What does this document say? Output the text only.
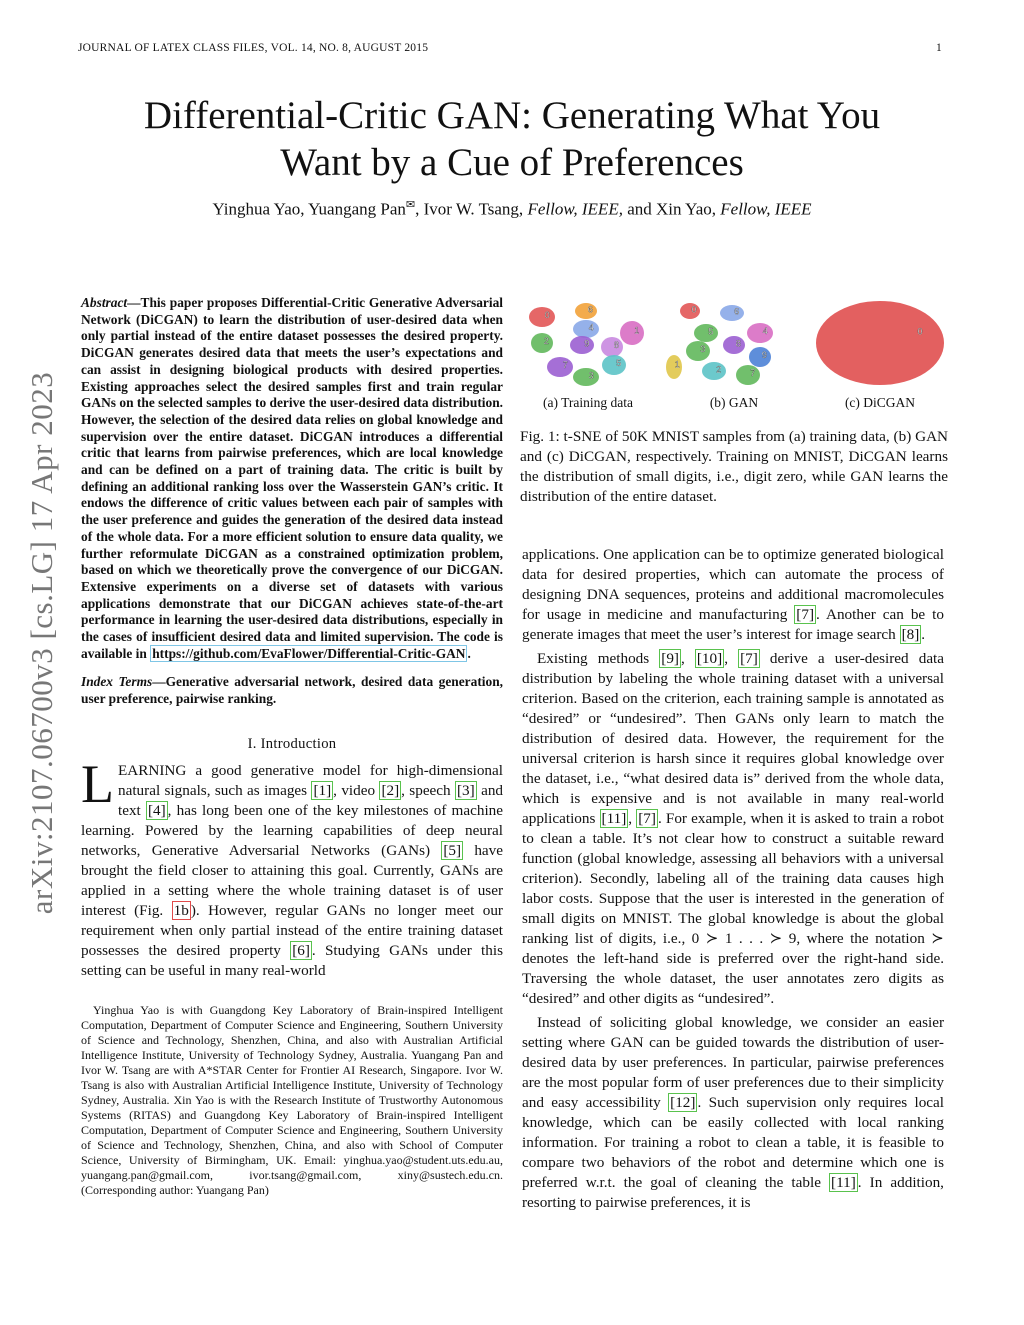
JOURNAL OF LATEX CLASS FILES, VOL. 14, NO. 8, AUGUST 2015	1
Differential-Critic GAN: Generating What You
Want by a Cue of Preferences
Yinghua Yao, Yuangang Pan✉, Ivor W. Tsang, Fellow, IEEE, and Xin Yao, Fellow, IEEE
arXiv:2107.06700v3 [cs.LG] 17 Apr 2023

Abstract—This paper proposes Differential-Critic Generative Adversarial Network (DiCGAN) to learn the distribution of user-desired data when only partial instead of the entire dataset possesses the desired property. DiCGAN generates desired data that meets the user’s expectations and can assist in designing biological products with desired properties. Existing approaches select the desired samples first and train regular GANs on the selected samples to derive the user-desired data distribution. However, the selection of the desired data relies on global knowledge and supervision over the entire dataset. DiCGAN introduces a differential critic that learns from pairwise preferences, which are local knowledge and can be defined on a part of training data. The critic is built by defining an additional ranking loss over the Wasserstein GAN’s critic. It endows the difference of critic values between each pair of samples with the user preference and guides the generation of the desired data instead of the whole data. For a more efficient solution to ensure data quality, we further reformulate DiCGAN as a constrained optimization problem, based on which we theoretically prove the convergence of our DiCGAN. Extensive experiments on a diverse set of datasets with various applications demonstrate that our DiCGAN achieves state-of-the-art performance in learning the user-desired data distributions, especially in the cases of insufficient desired data and limited supervision. The code is available in https://github.com/EvaFlower/Differential-Critic-GAN .

Index Terms—Generative adversarial network, desired data generation, user preference, pairwise ranking.

I. Introduction

LEARNING a good generative model for high-dimensional natural signals, such as images [1] , video [2] , speech [3] and text [4] , has long been one of the key milestones of machine learning. Powered by the learning capabilities of deep neural networks, Generative Adversarial Networks (GANs) [5] have brought the field closer to attaining this goal. Currently, GANs are applied in a setting where the whole training dataset is of user interest (Fig. 1b ). However, regular GANs no longer meet our requirement when only partial instead of the entire training dataset possesses the desired property [6] . Studying GANs under this setting can be useful in many real-world

Yinghua Yao is with Guangdong Key Laboratory of Brain-inspired Intelligent Computation, Department of Computer Science and Engineering, Southern University of Science and Technology, Shenzhen, China, and also with Australian Artificial Intelligence Institute, University of Technology Sydney, Australia. Yuangang Pan and Ivor W. Tsang are with A*STAR Center for Frontier AI Research, Singapore. Ivor W. Tsang is also with Australian Artificial Intelligence Institute, University of Technology Sydney, Australia. Xin Yao is with the Research Institute of Trustworthy Autonomous Systems (RITAS) and Guangdong Key Laboratory of Brain-inspired Intelligent Computation, Department of Computer Science and Engineering, Southern University of Science and Technology, Shenzhen, China, and also with School of Computer Science, University of Birmingham, UK. Email: yinghua.yao@student.uts.edu.au, yuangang.pan@gmail.com, ivor.tsang@gmail.com, xiny@sustech.edu.cn. (Corresponding author: Yuangang Pan)

0
6
4	1
2	9	8
5
7
3
(a) Training data
0	6
5	4
3
8
9
1	2	7
(b) GAN
0
(c) DiCGAN
Fig. 1: t-SNE of 50K MNIST samples from (a) training data, (b) GAN and (c) DiCGAN, respectively. Training on MNIST, DiCGAN learns the distribution of small digits, i.e., digit zero, while GAN learns the distribution of the entire dataset.

applications. One application can be to optimize generated biological data for desired properties, which can automate the process of designing DNA sequences, proteins and additional macromolecules for usage in medicine and manufacturing [7] . Another can be to generate images that meet the user’s interest for image search [8] .

Existing methods [9] , [10] , [7] derive a user-desired data distribution by labeling the whole training dataset with a universal criterion. Based on the criterion, each training sample is annotated as “desired” or “undesired”. Then GANs only learn to match the distribution of desired data. However, the requirement for the universal criterion is harsh since it requires global knowledge over the dataset, i.e., “what desired data is” derived from the whole data, which is expensive and is not available in many real-world applications [11] , [7] . For example, when it is asked to train a robot to clean a table. It’s not clear how to construct a suitable reward function (global knowledge, assessing all behaviors with a universal criterion). Secondly, labeling all of the training data causes high labor costs. Suppose that the user is interested in the generation of small digits on MNIST. The global knowledge is about the global ranking list of digits, i.e., 0 ≻ 1 . . . ≻ 9, where the notation ≻ denotes the left-hand side is preferred over the right-hand side. Traversing the whole dataset, the user annotates zero digits as “desired” and other digits as “undesired”.

Instead of soliciting global knowledge, we consider an easier setting where GAN can be guided towards the distribution of user-desired data by user preferences. In particular, pairwise preferences are the most popular form of user preferences due to their simplicity and easy accessibility [12] . Such supervision only requires local knowledge, which can be easily collected with local ranking information. For training a robot to clean a table, it is feasible to compare two behaviors of the robot and determine which one is preferred w.r.t. the goal of cleaning the table [11] . In addition, resorting to pairwise preferences, it is
